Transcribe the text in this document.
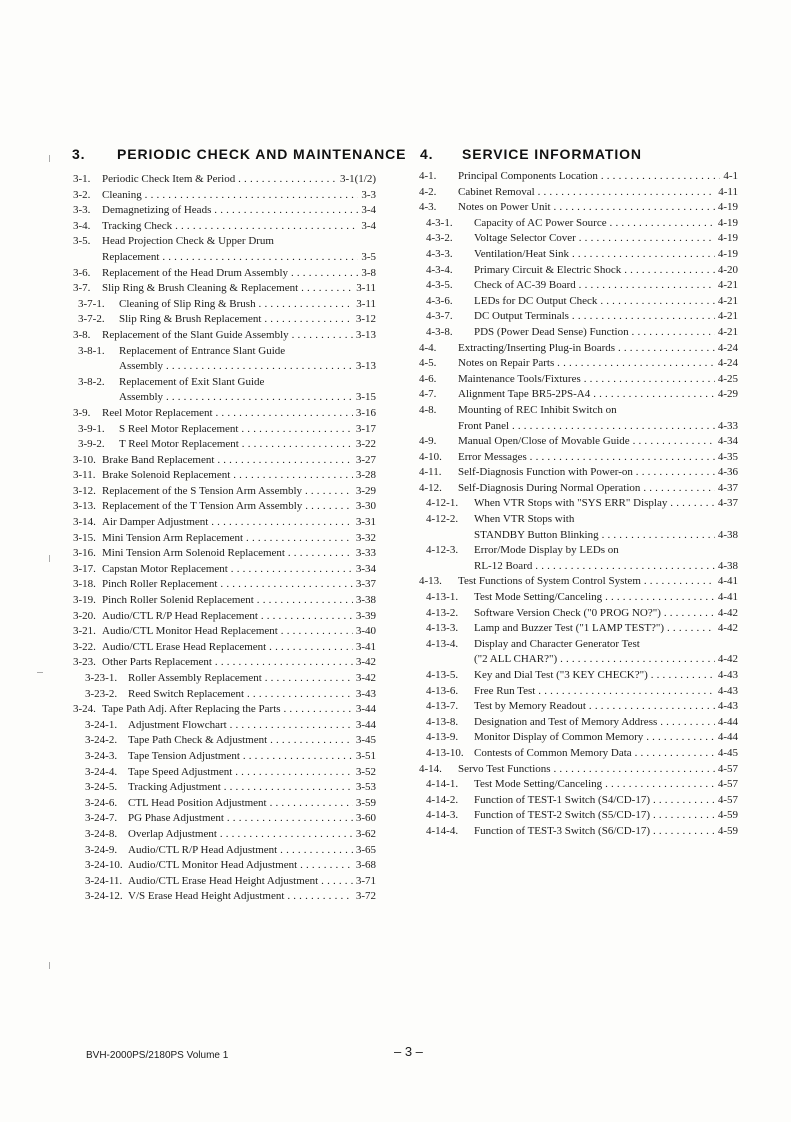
3. PERIODIC CHECK AND MAINTENANCE
3-1.	Periodic Check Item & Period . . .	3-1(1/2)
3-2.	Cleaning . . .	3-3
3-3.	Demagnetizing of Heads . . .	3-4
3-4.	Tracking Check . . .	3-4
3-5.	Head Projection Check & Upper Drum
Replacement . . .	3-5
3-6.	Replacement of the Head Drum Assembly . . .	3-8
3-7.	Slip Ring & Brush Cleaning & Replacement . . .	3-11
3-7-1.	Cleaning of Slip Ring & Brush . . .	3-11
3-7-2.	Slip Ring & Brush Replacement . . .	3-12
3-8.	Replacement of the Slant Guide Assembly . . .	3-13
3-8-1.	Replacement of Entrance Slant Guide
Assembly . . .	3-13
3-8-2.	Replacement of Exit Slant Guide
Assembly . . .	3-15
3-9.	Reel Motor Replacement . . .	3-16
3-9-1.	S Reel Motor Replacement . . .	3-17
3-9-2.	T Reel Motor Replacement . . .	3-22
3-10. Brake Band Replacement . . .	3-27
3-11. Brake Solenoid Replacement . . .	3-28
3-12. Replacement of the S Tension Arm Assembly . . .	3-29
3-13. Replacement of the T Tension Arm Assembly . . .	3-30
3-14. Air Damper Adjustment . . .	3-31
3-15. Mini Tension Arm Replacement . . .	3-32
3-16. Mini Tension Arm Solenoid Replacement . . .	3-33
3-17. Capstan Motor Replacement . . .	3-34
3-18. Pinch Roller Replacement . . .	3-37
3-19. Pinch Roller Solenid Replacement . . .	3-38
3-20. Audio/CTL R/P Head Replacement . . .	3-39
3-21. Audio/CTL Monitor Head Replacement . . .	3-40
3-22. Audio/CTL Erase Head Replacement . . .	3-41
3-23. Other Parts Replacement . . .	3-42
3-23-1. Roller Assembly Replacement . . .	3-42
3-23-2. Reed Switch Replacement . . .	3-43
3-24. Tape Path Adj. After Replacing the Parts . . .	3-44
3-24-1. Adjustment Flowchart . . .	3-44
3-24-2. Tape Path Check & Adjustment . . .	3-45
3-24-3. Tape Tension Adjustment . . .	3-51
3-24-4. Tape Speed Adjustment . . .	3-52
3-24-5. Tracking Adjustment . . .	3-53
3-24-6. CTL Head Position Adjustment . . .	3-59
3-24-7. PG Phase Adjustment . . .	3-60
3-24-8. Overlap Adjustment . . .	3-62
3-24-9. Audio/CTL R/P Head Adjustment . . .	3-65
3-24-10. Audio/CTL Monitor Head Adjustment . . .	3-68
3-24-11. Audio/CTL Erase Head Height Adjustment . . .	3-71
3-24-12. V/S Erase Head Height Adjustment . . .	3-72
4. SERVICE INFORMATION
4-1.	Principal Components Location . . .	4-1
4-2.	Cabinet Removal . . .	4-11
4-3.	Notes on Power Unit . . .	4-19
4-3-1.	Capacity of AC Power Source . . .	4-19
4-3-2.	Voltage Selector Cover . . .	4-19
4-3-3.	Ventilation/Heat Sink . . .	4-19
4-3-4.	Primary Circuit & Electric Shock . . .	4-20
4-3-5.	Check of AC-39 Board . . .	4-21
4-3-6.	LEDs for DC Output Check . . .	4-21
4-3-7.	DC Output Terminals . . .	4-21
4-3-8.	PDS (Power Dead Sense) Function . . .	4-21
4-4.	Extracting/Inserting Plug-in Boards . . .	4-24
4-5.	Notes on Repair Parts . . .	4-24
4-6.	Maintenance Tools/Fixtures . . .	4-25
4-7.	Alignment Tape BR5-2PS-A4 . . .	4-29
4-8.	Mounting of REC Inhibit Switch on
Front Panel . . .	4-33
4-9.	Manual Open/Close of Movable Guide . . .	4-34
4-10.	Error Messages . . .	4-35
4-11.	Self-Diagnosis Function with Power-on . . .	4-36
4-12.	Self-Diagnosis During Normal Operation . . .	4-37
4-12-1.	When VTR Stops with "SYS ERR" Display . . .	4-37
4-12-2.	When VTR Stops with
STANDBY Button Blinking . . .	4-38
4-12-3.	Error/Mode Display by LEDs on
RL-12 Board . . .	4-38
4-13.	Test Functions of System Control System . . .	4-41
4-13-1.	Test Mode Setting/Canceling . . .	4-41
4-13-2.	Software Version Check ("0 PROG NO?") . . .	4-42
4-13-3.	Lamp and Buzzer Test ("1 LAMP TEST?") . . .	4-42
4-13-4.	Display and Character Generator Test
("2 ALL CHAR?") . . .	4-42
4-13-5.	Key and Dial Test ("3 KEY CHECK?") . . .	4-43
4-13-6.	Free Run Test . . .	4-43
4-13-7.	Test by Memory Readout . . .	4-43
4-13-8.	Designation and Test of Memory Address . . .	4-44
4-13-9.	Monitor Display of Common Memory . . .	4-44
4-13-10. Contests of Common Memory Data . . .	4-45
4-14.	Servo Test Functions . . .	4-57
4-14-1.	Test Mode Setting/Canceling . . .	4-57
4-14-2.	Function of TEST-1 Switch (S4/CD-17) . . .	4-57
4-14-3.	Function of TEST-2 Switch (S5/CD-17) . . .	4-59
4-14-4.	Function of TEST-3 Switch (S6/CD-17) . . .	4-59
BVH-2000PS/2180PS Volume 1	– 3 –
